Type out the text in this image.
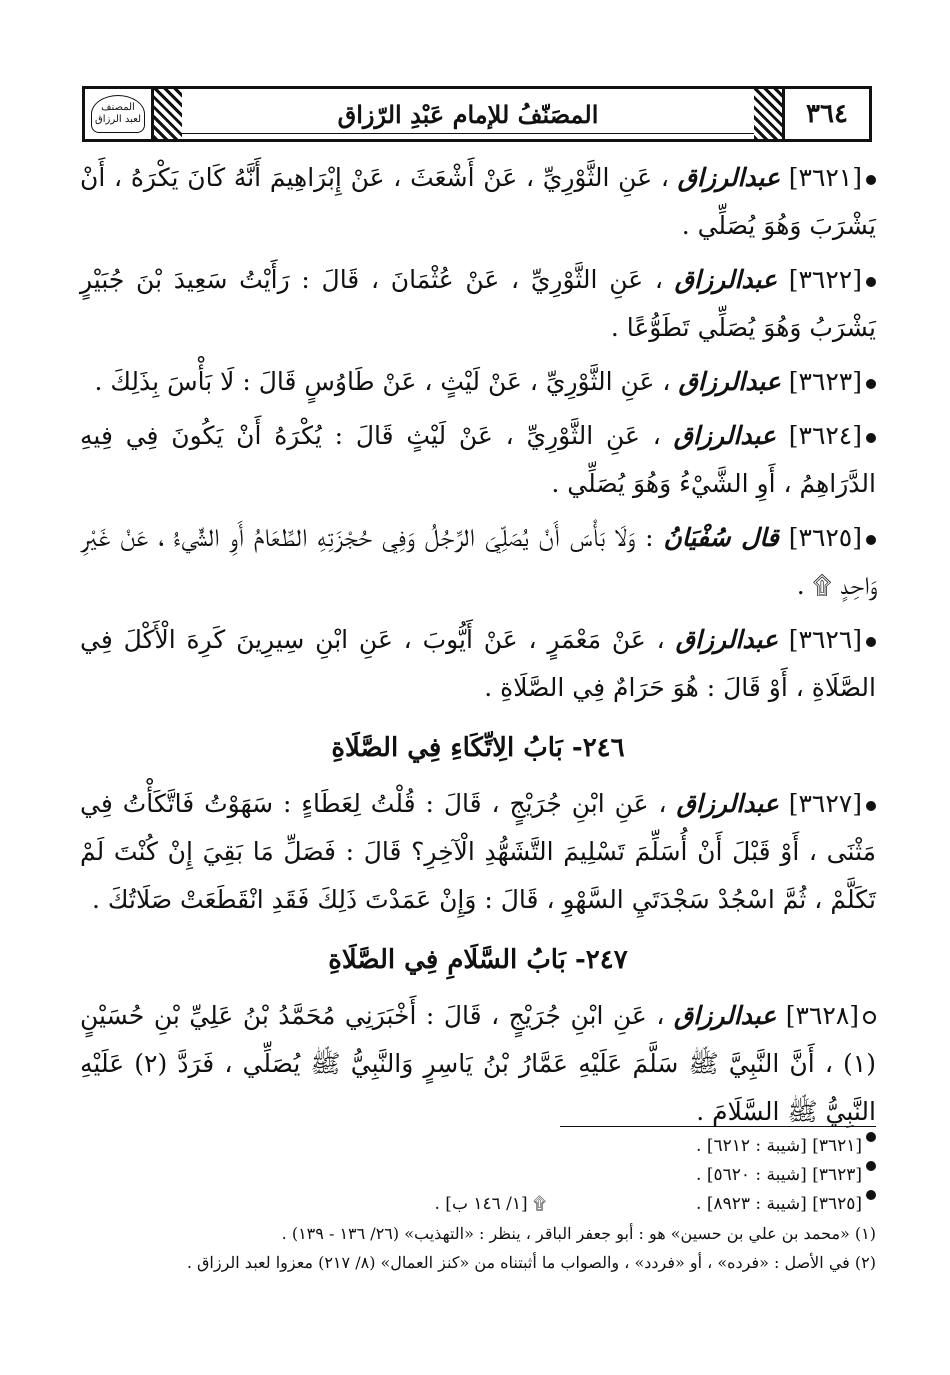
المصنف لعبد الرزاق	المصَنّفُ للإمام عَبْدِ الرّزاق	٣٦٤

[٣٦٢١] عبدالرزاق ، عَنِ الثَّوْرِيِّ ، عَنْ أَشْعَثَ ، عَنْ إِبْرَاهِيمَ أَنَّهُ كَانَ يَكْرَهُ ، أَنْ يَشْرَبَ وَهُوَ يُصَلِّي .

[٣٦٢٢] عبدالرزاق ، عَنِ الثَّوْرِيِّ ، عَنْ عُثْمَانَ ، قَالَ : رَأَيْتُ سَعِيدَ بْنَ جُبَيْرٍ يَشْرَبُ وَهُوَ يُصَلِّي تَطَوُّعًا .

[٣٦٢٣] عبدالرزاق ، عَنِ الثَّوْرِيِّ ، عَنْ لَيْثٍ ، عَنْ طَاوُسٍ قَالَ : لَا بَأْسَ بِذَلِكَ .

[٣٦٢٤] عبدالرزاق ، عَنِ الثَّوْرِيِّ ، عَنْ لَيْثٍ قَالَ : يُكْرَهُ أَنْ يَكُونَ فِي فِيهِ الدَّرَاهِمُ ، أَوِ الشَّيْءُ وَهُوَ يُصَلِّي .

[٣٦٢٥] قال سُفْيَانُ : وَلَا بَأْسَ أَنْ يُصَلِّيَ الرَّجُلُ وَفِي حُجْزَتِهِ الطَّعَامُ أَوِ الشَّيْءُ ، عَنْ غَيْرِ وَاحِدٍ ۩ .

[٣٦٢٦] عبدالرزاق ، عَنْ مَعْمَرٍ ، عَنْ أَيُّوبَ ، عَنِ ابْنِ سِيرِينَ كَرِهَ الْأَكْلَ فِي الصَّلَاةِ ، أَوْ قَالَ : هُوَ حَرَامٌ فِي الصَّلَاةِ .

٢٤٦- بَابُ الِاتِّكَاءِ فِي الصَّلَاةِ

[٣٦٢٧] عبدالرزاق ، عَنِ ابْنِ جُرَيْجٍ ، قَالَ : قُلْتُ لِعَطَاءٍ : سَهَوْتُ فَاتَّكَأْتُ فِي مَثْنَى ، أَوْ قَبْلَ أَنْ أُسَلِّمَ تَسْلِيمَ التَّشَهُّدِ الْآخِرِ؟ قَالَ : فَصَلِّ مَا بَقِيَ إِنْ كُنْتَ لَمْ تَكَلَّمْ ، ثُمَّ اسْجُدْ سَجْدَتَيِ السَّهْوِ ، قَالَ : وَإِنْ عَمَدْتَ ذَلِكَ فَقَدِ انْقَطَعَتْ صَلَاتُكَ .

٢٤٧- بَابُ السَّلَامِ فِي الصَّلَاةِ

[٣٦٢٨] عبدالرزاق ، عَنِ ابْنِ جُرَيْجٍ ، قَالَ : أَخْبَرَنِي مُحَمَّدُ بْنُ عَلِيِّ بْنِ حُسَيْنٍ (١) ، أَنَّ النَّبِيَّ ﷺ سَلَّمَ عَلَيْهِ عَمَّارُ بْنُ يَاسِرٍ وَالنَّبِيُّ ﷺ يُصَلِّي ، فَرَدَّ (٢) عَلَيْهِ النَّبِيُّ ﷺ السَّلَامَ .

[٣٦٢١] [شيبة : ٦٢١٢] .
[٣٦٢٣] [شيبة : ٥٦٢٠] .
[٣٦٢٥] [شيبة : ٨٩٢٣] .
۩ [١/ ١٤٦ ب] .
(١) «محمد بن علي بن حسين» هو : أبو جعفر الباقر ، ينظر : «التهذيب» (٢٦/ ١٣٦ - ١٣٩) .
(٢) في الأصل : «فرده» ، أو «فردد» ، والصواب ما أثبتناه من «كنز العمال» (٨/ ٢١٧) معزوا لعبد الرزاق .
